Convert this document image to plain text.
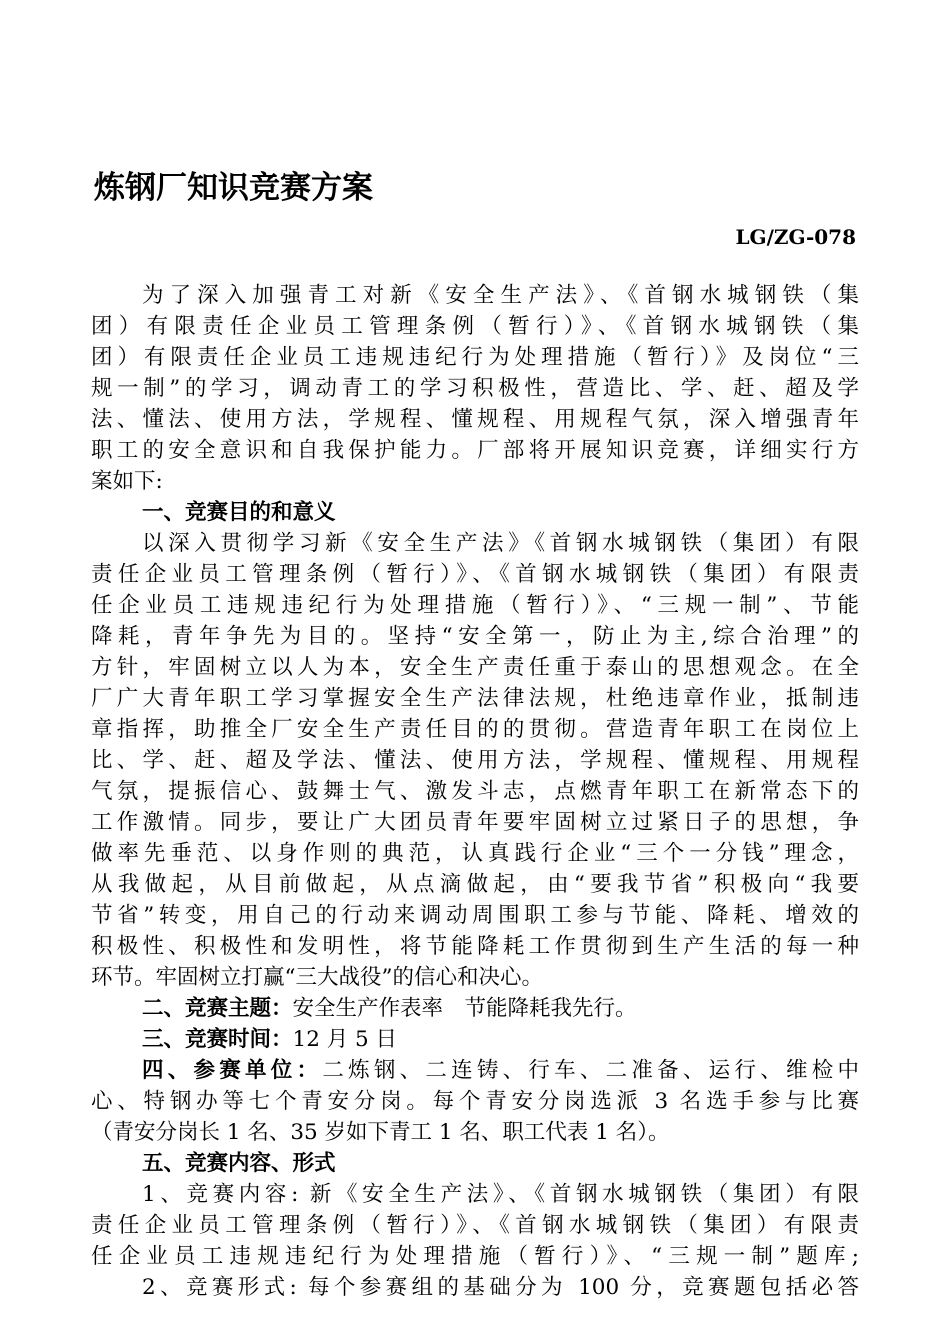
炼钢厂知识竞赛方案
LG/ZG-078
为了深入加强青工对新《安全生产法》、《首钢水城钢铁（集
团）有限责任企业员工管理条例（暂行）》、《首钢水城钢铁（集
团）有限责任企业员工违规违纪行为处理措施（暂行）》及岗位“三
规一制”的学习，调动青工的学习积极性，营造比、学、赶、超及学
法、懂法、使用方法，学规程、懂规程、用规程气氛，深入增强青年
职工的安全意识和自我保护能力。厂部将开展知识竞赛，详细实行方
案如下:
一、竞赛目的和意义
以深入贯彻学习新《安全生产法》《首钢水城钢铁（集团）有限
责任企业员工管理条例（暂行）》、《首钢水城钢铁（集团）有限责
任企业员工违规违纪行为处理措施（暂行）》、“三规一制”、节能
降耗，青年争先为目的。坚持“安全第一，防止为主,综合治理”的
方针，牢固树立以人为本，安全生产责任重于泰山的思想观念。在全
厂广大青年职工学习掌握安全生产法律法规，杜绝违章作业，抵制违
章指挥，助推全厂安全生产责任目的的贯彻。营造青年职工在岗位上
比、学、赶、超及学法、懂法、使用方法，学规程、懂规程、用规程
气氛，提振信心、鼓舞士气、激发斗志，点燃青年职工在新常态下的
工作激情。同步，要让广大团员青年要牢固树立过紧日子的思想，争
做率先垂范、以身作则的典范，认真践行企业“三个一分钱”理念，
从我做起，从目前做起，从点滴做起，由“要我节省”积极向“我要
节省”转变，用自己的行动来调动周围职工参与节能、降耗、增效的
积极性、积极性和发明性，将节能降耗工作贯彻到生产生活的每一种
环节。牢固树立打赢“三大战役”的信心和决心。
二、竞赛主题：安全生产作表率　节能降耗我先行。
三、竞赛时间：12 月 5 日
四、参赛单位：二炼钢、二连铸、行车、二准备、运行、维检中
心、特钢办等七个青安分岗。每个青安分岗选派 3 名选手参与比赛
（青安分岗长 1 名、35 岁如下青工 1 名、职工代表 1 名）。
五、竞赛内容、形式
1、竞赛内容: 新《安全生产法》、《首钢水城钢铁（集团）有限
责任企业员工管理条例（暂行）》、《首钢水城钢铁（集团）有限责
任企业员工违规违纪行为处理措施（暂行）》、“三规一制”题库;
2、竞赛形式: 每个参赛组的基础分为 100 分，竞赛题包括必答
